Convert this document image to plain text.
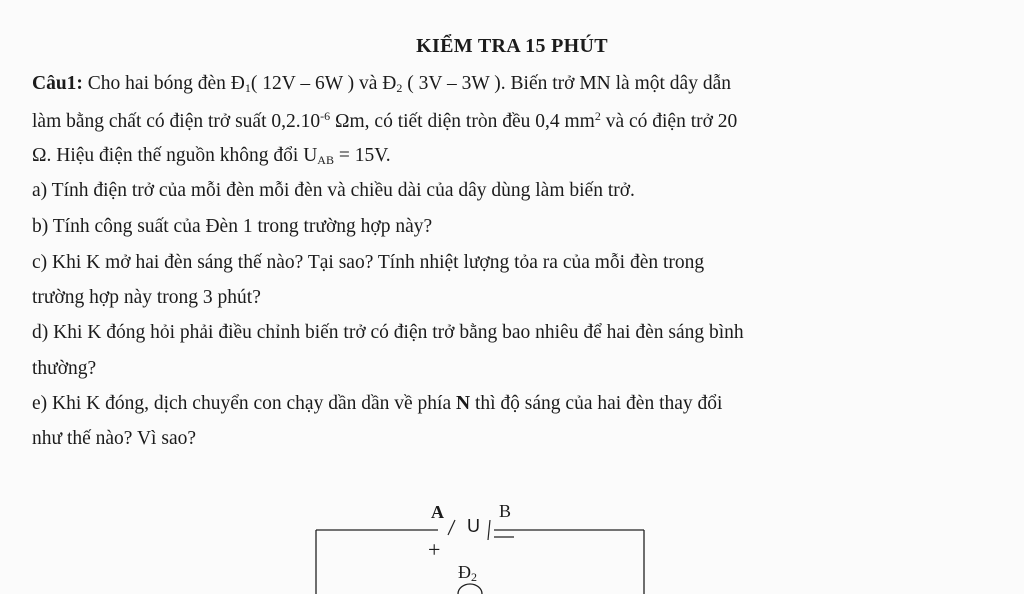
KIỂM TRA 15 PHÚT
Câu1: Cho hai bóng đèn $Đ_1$( 12V – 6W ) và $Đ_2$ ( 3V – 3W ). Biến trở MN là một dây dẫn
làm bằng chất có điện trở suất $0,2.10^{-6}$ Ωm, có tiết diện tròn đều 0,4 $mm^2$ và có điện trở 20
Ω. Hiệu điện thế nguồn không đổi $U_{AB} = 15V$.
a) Tính điện trở của mỗi đèn mỗi đèn và chiều dài của dây dùng làm biến trở.
b) Tính công suất của Đèn 1 trong trường hợp này?
c) Khi K mở hai đèn sáng thế nào? Tại sao? Tính nhiệt lượng tỏa ra của mỗi đèn trong
trường hợp này trong 3 phút?
d) Khi K đóng hỏi phải điều chỉnh biến trở có điện trở bằng bao nhiêu để hai đèn sáng bình
thường?
e) Khi K đóng, dịch chuyển con chạy dần dần về phía N thì độ sáng của hai đèn thay đổi
như thế nào? Vì sao?
A
+
U
B
$Đ_2$
